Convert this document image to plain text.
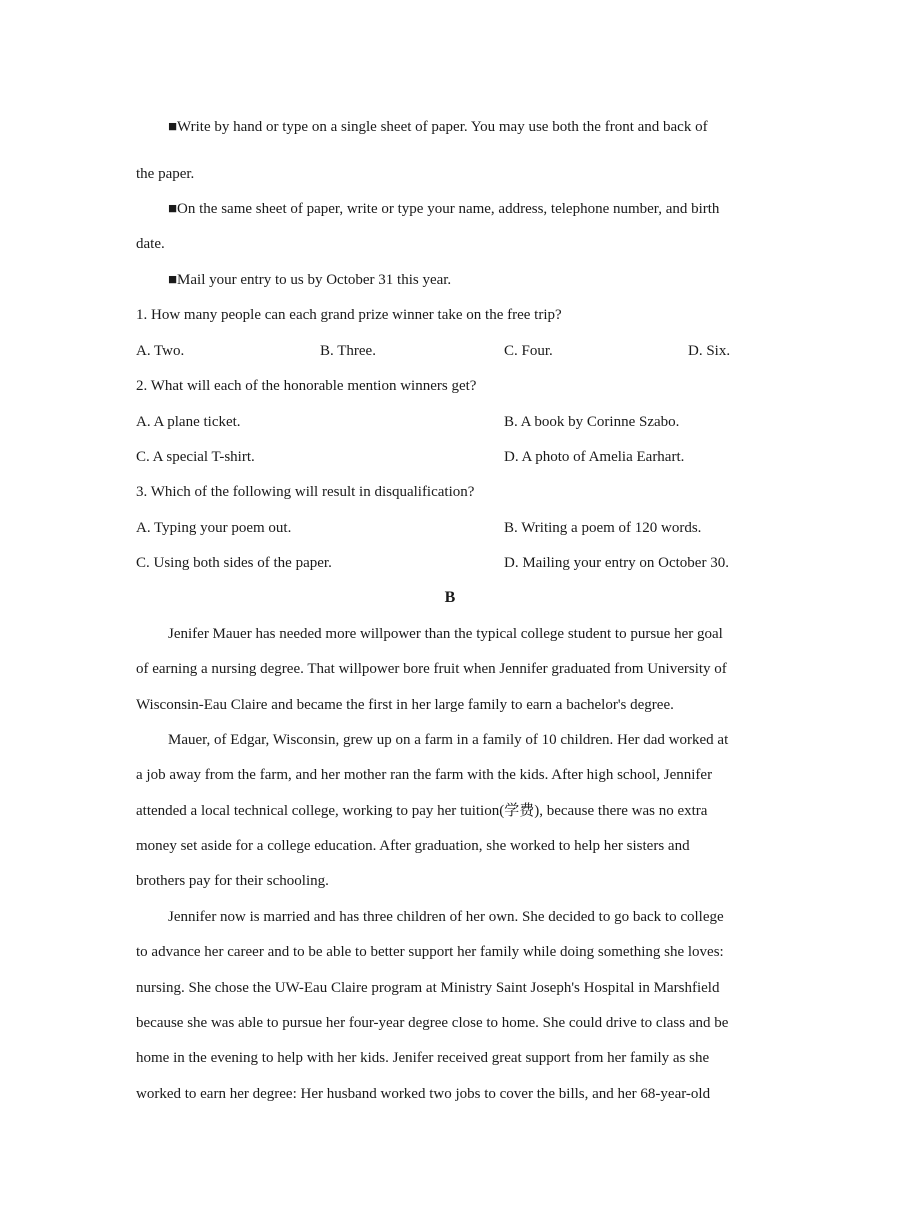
■Write by hand or type on a single sheet of paper. You may use both the front and back of
the paper.
■On the same sheet of paper, write or type your name, address, telephone number, and birth
date.
■Mail your entry to us by October 31 this year.
1. How many people can each grand prize winner take on the free trip?
A. Two.	B. Three.	C. Four.	D. Six.
2. What will each of the honorable mention winners get?
A. A plane ticket.	B. A book by Corinne Szabo.
C. A special T-shirt.	D. A photo of Amelia Earhart.
3. Which of the following will result in disqualification?
A. Typing your poem out.	B. Writing a poem of 120 words.
C. Using both sides of the paper.	D. Mailing your entry on October 30.
B
Jenifer Mauer has needed more willpower than the typical college student to pursue her goal
of earning a nursing degree. That willpower bore fruit when Jennifer graduated from University of
Wisconsin-Eau Claire and became the first in her large family to earn a bachelor's degree.
Mauer, of Edgar, Wisconsin, grew up on a farm in a family of 10 children. Her dad worked at
a job away from the farm, and her mother ran the farm with the kids. After high school, Jennifer
attended a local technical college, working to pay her tuition(学费), because there was no extra
money set aside for a college education. After graduation, she worked to help her sisters and
brothers pay for their schooling.
Jennifer now is married and has three children of her own. She decided to go back to college
to advance her career and to be able to better support her family while doing something she loves:
nursing. She chose the UW-Eau Claire program at Ministry Saint Joseph's Hospital in Marshfield
because she was able to pursue her four-year degree close to home. She could drive to class and be
home in the evening to help with her kids. Jenifer received great support from her family as she
worked to earn her degree: Her husband worked two jobs to cover the bills, and her 68-year-old
